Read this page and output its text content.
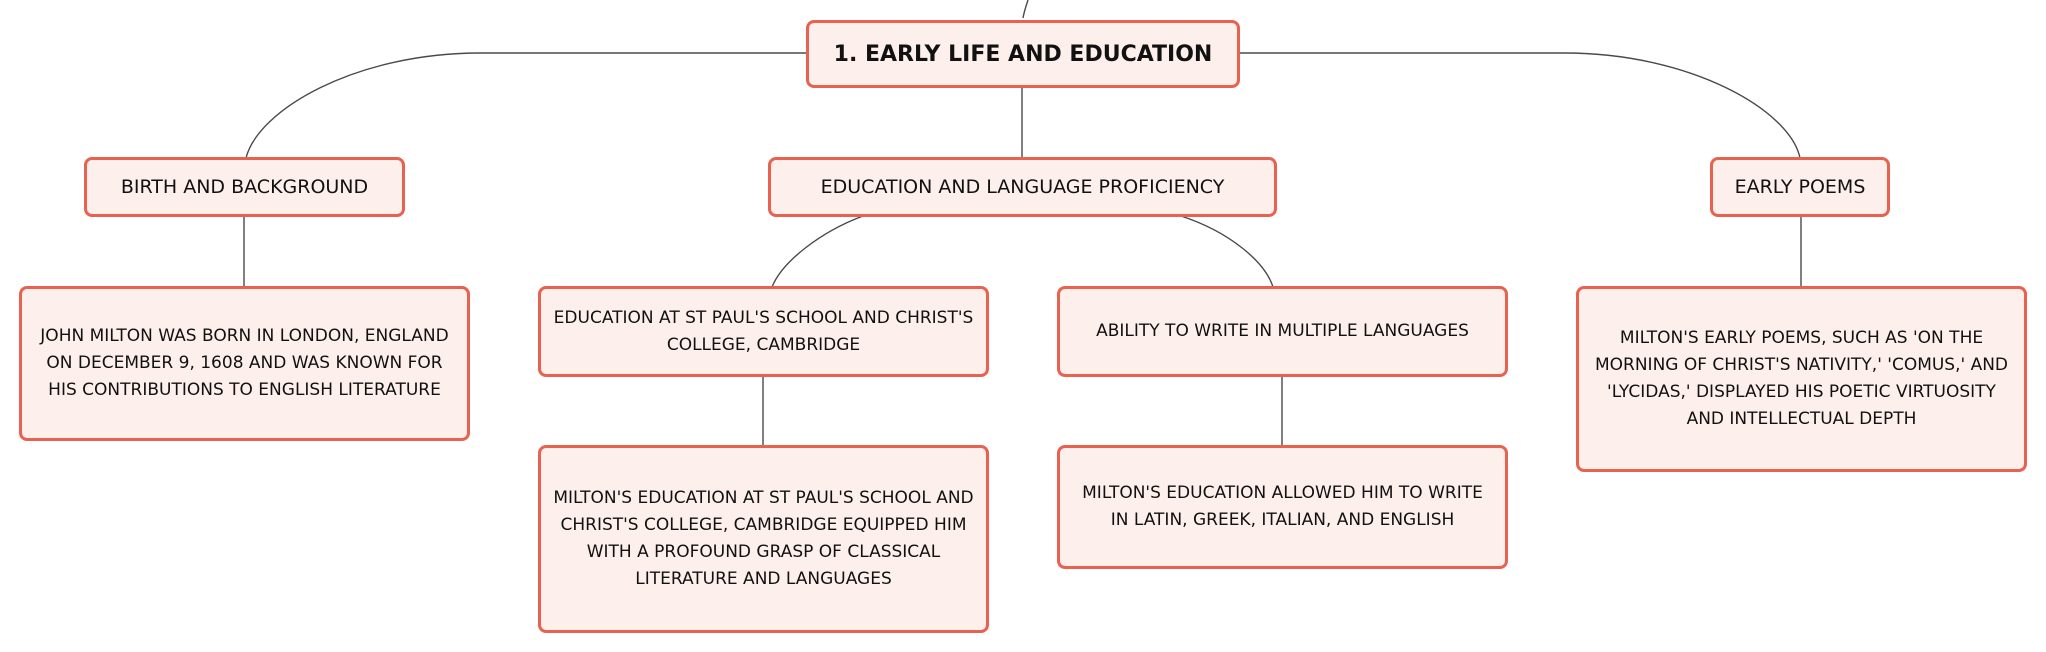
1. EARLY LIFE AND EDUCATION
BIRTH AND BACKGROUND	EDUCATION AND LANGUAGE PROFICIENCY	EARLY POEMS
JOHN MILTON WAS BORN IN LONDON, ENGLAND ON DECEMBER 9, 1608 AND WAS KNOWN FOR HIS CONTRIBUTIONS TO ENGLISH LITERATURE
EDUCATION AT ST PAUL'S SCHOOL AND CHRIST'S COLLEGE, CAMBRIDGE
ABILITY TO WRITE IN MULTIPLE LANGUAGES	MILTON'S EARLY POEMS, SUCH AS 'ON THE MORNING OF CHRIST'S NATIVITY,' 'COMUS,' AND 'LYCIDAS,' DISPLAYED HIS POETIC VIRTUOSITY AND INTELLECTUAL DEPTH
MILTON'S EDUCATION AT ST PAUL'S SCHOOL AND CHRIST'S COLLEGE, CAMBRIDGE EQUIPPED HIM WITH A PROFOUND GRASP OF CLASSICAL LITERATURE AND LANGUAGES
MILTON'S EDUCATION ALLOWED HIM TO WRITE IN LATIN, GREEK, ITALIAN, AND ENGLISH
